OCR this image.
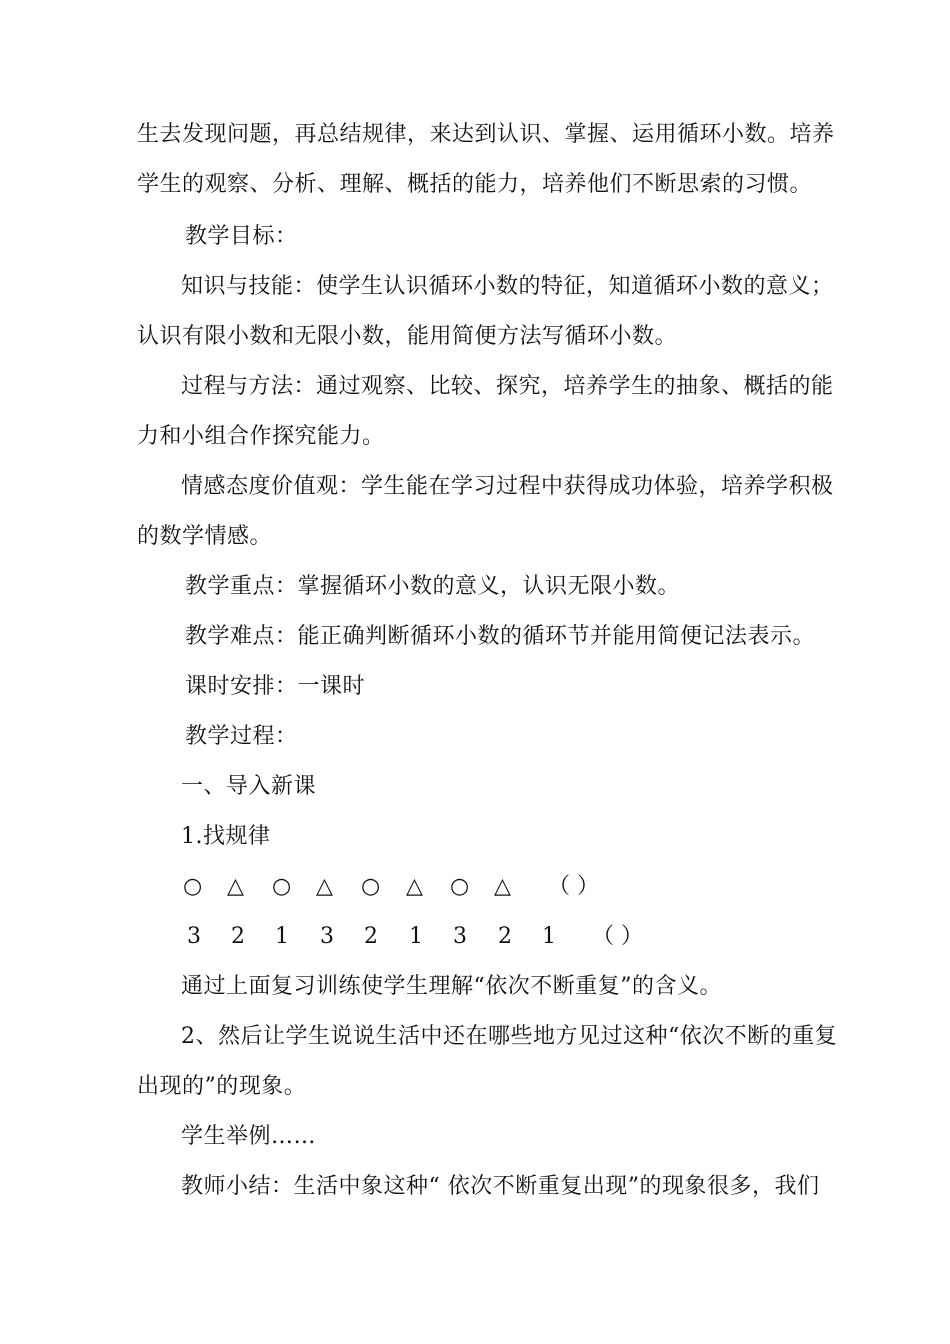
生去发现问题，再总结规律，来达到认识、掌握、运用循环小数。培养
学生的观察、分析、理解、概括的能力，培养他们不断思索的习惯。
教学目标：
知识与技能：使学生认识循环小数的特征，知道循环小数的意义；
认识有限小数和无限小数，能用简便方法写循环小数。
过程与方法：通过观察、比较、探究，培养学生的抽象、概括的能
力和小组合作探究能力。
情感态度价值观：学生能在学习过程中获得成功体验，培养学积极
的数学情感。
教学重点：掌握循环小数的意义，认识无限小数。
教学难点：能正确判断循环小数的循环节并能用简便记法表示。
课时安排：一课时
教学过程：
一、导入新课
1.找规律
○ △ ○ △ ○ △ ○ △ （ ）
3 2 1 3 2 1 3 2 1 （ ）
通过上面复习训练使学生理解“依次不断重复”的含义。
2、然后让学生说说生活中还在哪些地方见过这种“依次不断的重复
出现的”的现象。
学生举例……
教师小结：生活中象这种“ 依次不断重复出现”的现象很多，我们
